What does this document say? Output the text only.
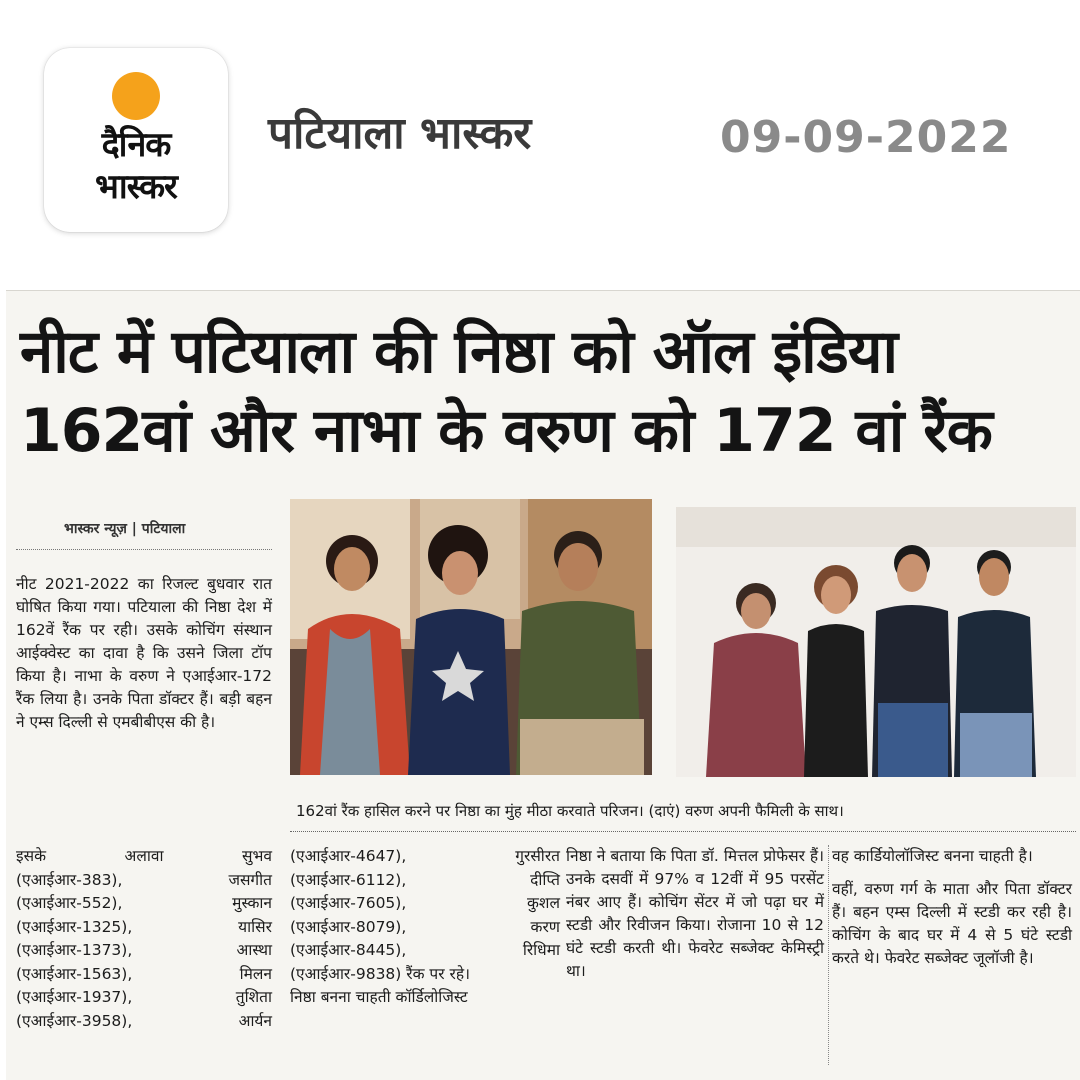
दैनिक
भास्कर
पटियाला भास्कर	09-09-2022
नीट में पटियाला की निष्ठा को ऑल इंडिया
162वां और नाभा के वरुण को 172 वां रैंक
भास्कर न्यूज़ | पटियाला

नीट 2021-2022 का रिजल्ट बुधवार रात घोषित किया गया। पटियाला की निष्ठा देश में 162वें रैंक पर रही। उसके कोचिंग संस्थान आईक्वेस्ट का दावा है कि उसने जिला टॉप किया है। नाभा के वरुण ने एआईआर-172 रैंक लिया है। उनके पिता डॉक्टर हैं। बड़ी बहन ने एम्स दिल्ली से एमबीबीएस की है।

इसके	अलावा	सुभव
(एआईआर-383),	जसगीत
(एआईआर-552),	मुस्कान
(एआईआर-1325),	यासिर
(एआईआर-1373),	आस्था
(एआईआर-1563),	मिलन
(एआईआर-1937),	तुशिता
(एआईआर-3958),	आर्यन
(एआईआर-4647),	गुरसीरत
(एआईआर-6112),	दीप्ति
(एआईआर-7605),	कुशल
(एआईआर-8079),	करण
(एआईआर-8445),	रिधिमा
(एआईआर-9838) रैंक पर रहे।
निष्ठा बनना चाहती कॉर्डिलोजिस्ट

निष्ठा ने बताया कि पिता डॉ. मित्तल प्रोफेसर हैं। उनके दसवीं में 97% व 12वीं में 95 परसेंट नंबर आए हैं। कोचिंग सेंटर में जो पढ़ा घर में स्टडी और रिवीजन किया। रोजाना 10 से 12 घंटे स्टडी करती थी। फेवरेट सब्जेक्ट केमिस्ट्री था।

वह कार्डियोलॉजिस्ट बनना चाहती है।

वहीं, वरुण गर्ग के माता और पिता डॉक्टर हैं। बहन एम्स दिल्ली में स्टडी कर रही है। कोचिंग के बाद घर में 4 से 5 घंटे स्टडी करते थे। फेवरेट सब्जेक्ट जूलॉजी है।

162वां रैंक हासिल करने पर निष्ठा का मुंह मीठा करवाते परिजन। (दाएं) वरुण अपनी फैमिली के साथ।
